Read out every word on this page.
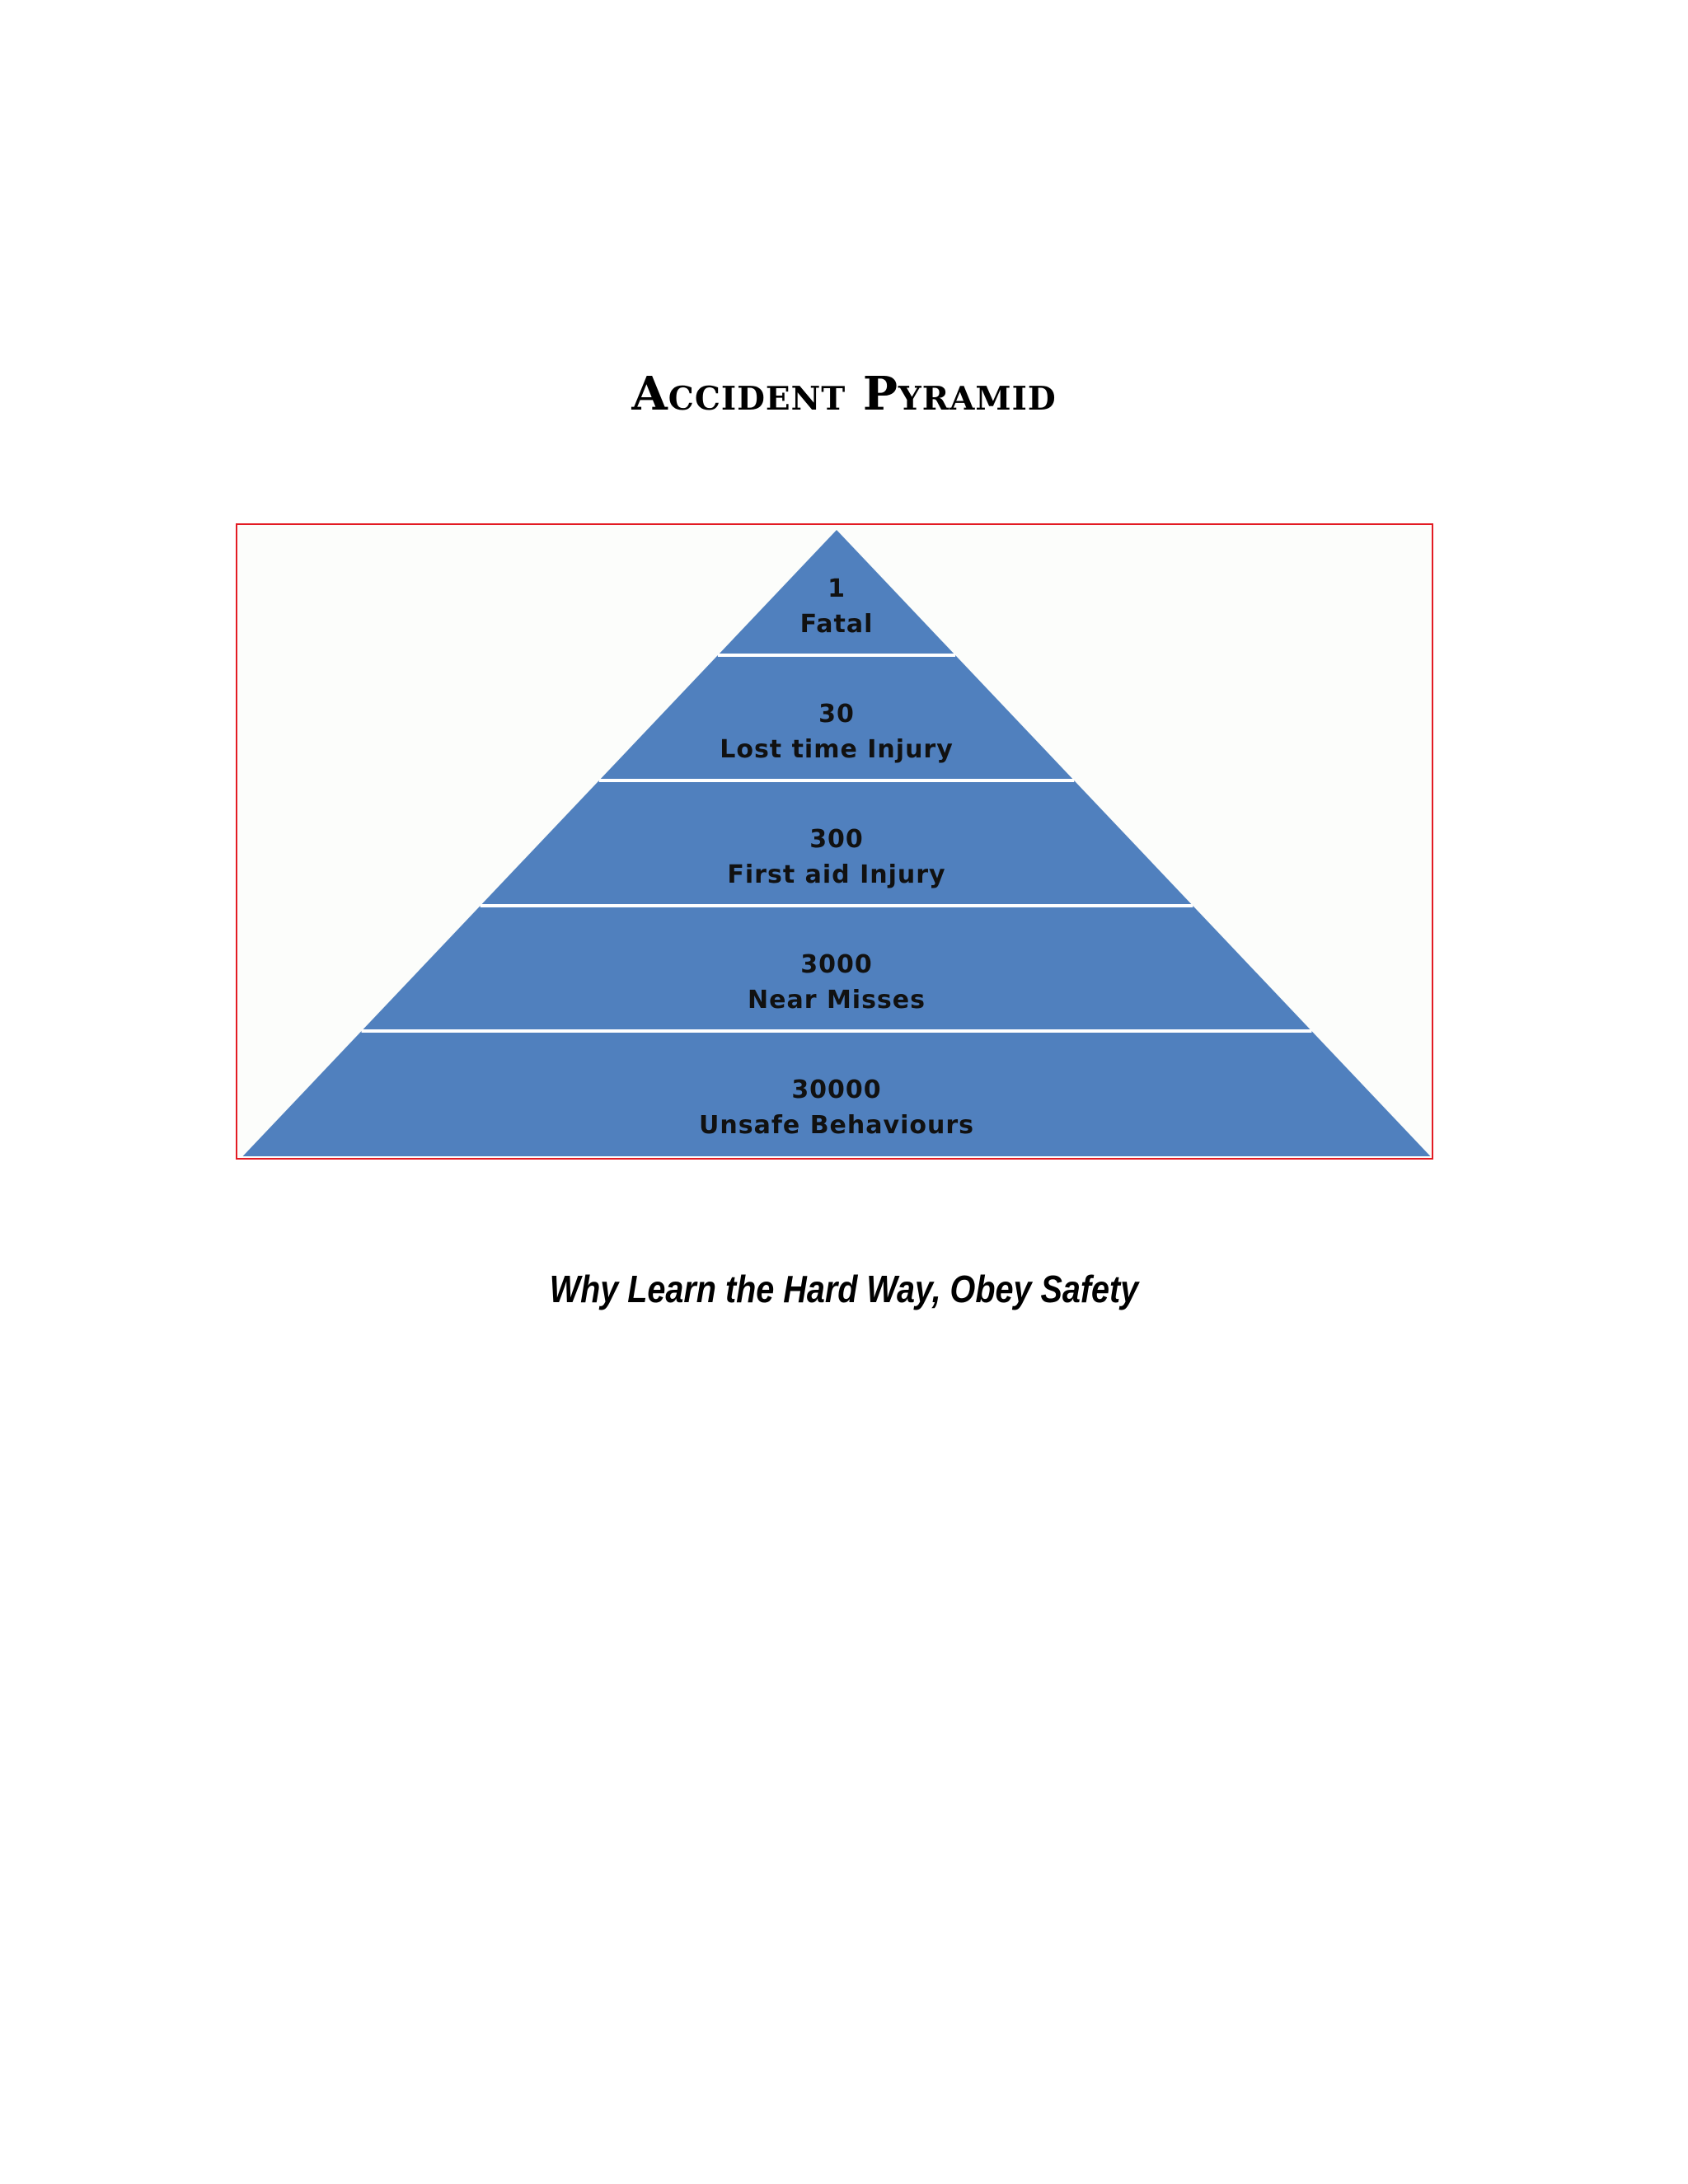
Accident Pyramid
1
Fatal
30
Lost time Injury
300
First aid Injury
3000
Near Misses
30000
Unsafe Behaviours
Why Learn the Hard Way, Obey Safety
